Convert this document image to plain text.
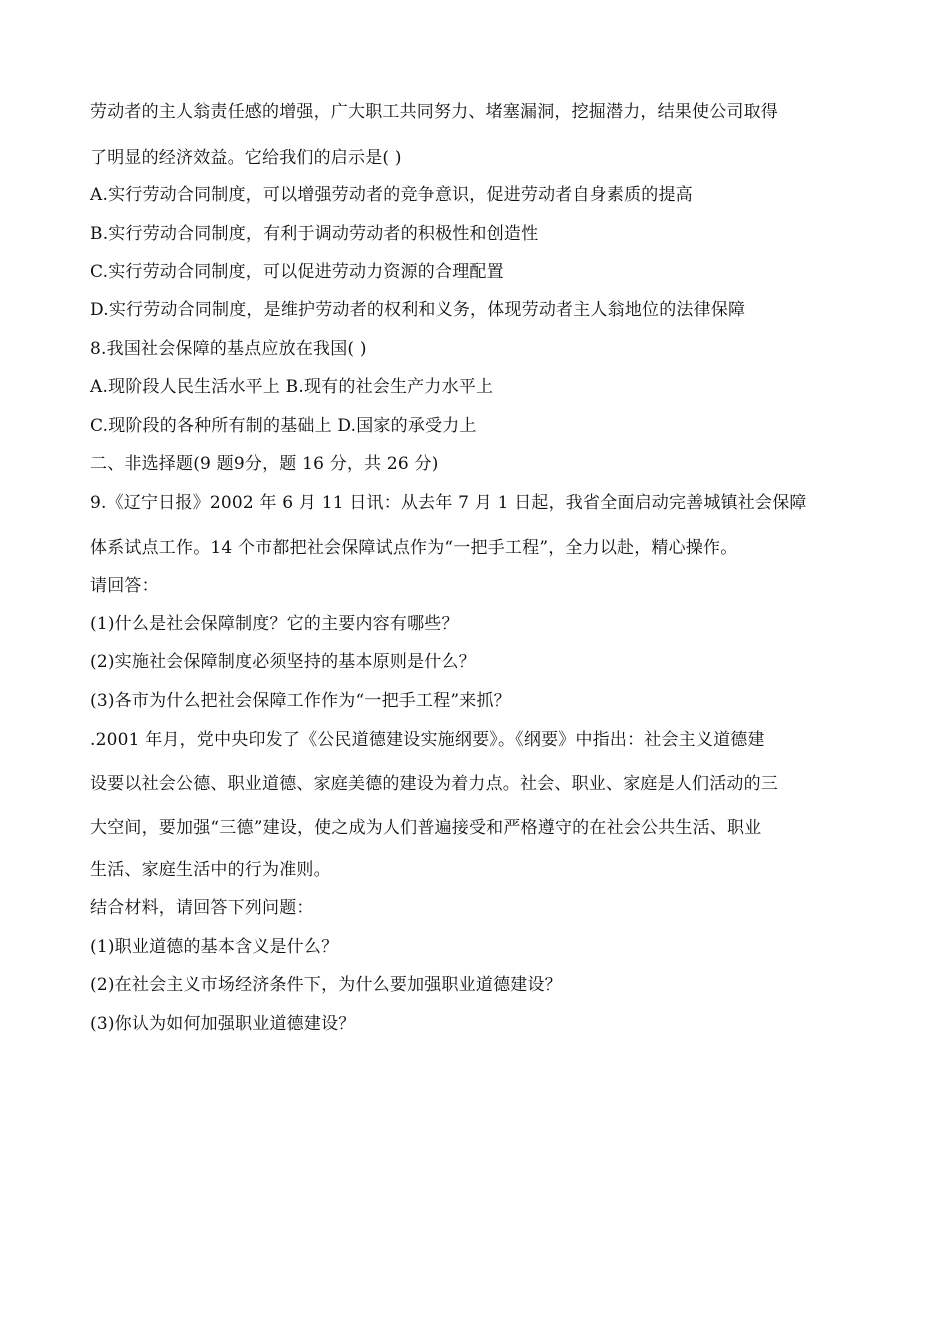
劳动者的主人翁责任感的增强，广大职工共同努力、堵塞漏洞，挖掘潜力，结果使公司取得
了明显的经济效益。它给我们的启示是( )
A.实行劳动合同制度，可以增强劳动者的竞争意识，促进劳动者自身素质的提高
B.实行劳动合同制度，有利于调动劳动者的积极性和创造性
C.实行劳动合同制度，可以促进劳动力资源的合理配置
D.实行劳动合同制度，是维护劳动者的权利和义务，体现劳动者主人翁地位的法律保障
8.我国社会保障的基点应放在我国( )
A.现阶段人民生活水平上 B.现有的社会生产力水平上
C.现阶段的各种所有制的基础上 D.国家的承受力上
二、非选择题(9 题9分，题 16 分，共 26 分)
9.《辽宁日报》2002 年 6 月 11 日讯：从去年 7 月 1 日起，我省全面启动完善城镇社会保障
体系试点工作。14 个市都把社会保障试点作为“一把手工程”，全力以赴，精心操作。
请回答：
(1)什么是社会保障制度？它的主要内容有哪些？
(2)实施社会保障制度必须坚持的基本原则是什么？
(3)各市为什么把社会保障工作作为“一把手工程”来抓？
.2001 年月，党中央印发了《公民道德建设实施纲要》。《纲要》中指出：社会主义道德建
设要以社会公德、职业道德、家庭美德的建设为着力点。社会、职业、家庭是人们活动的三
大空间，要加强“三德”建设，使之成为人们普遍接受和严格遵守的在社会公共生活、职业
生活、家庭生活中的行为准则。
结合材料，请回答下列问题：
(1)职业道德的基本含义是什么？
(2)在社会主义市场经济条件下，为什么要加强职业道德建设？
(3)你认为如何加强职业道德建设？
